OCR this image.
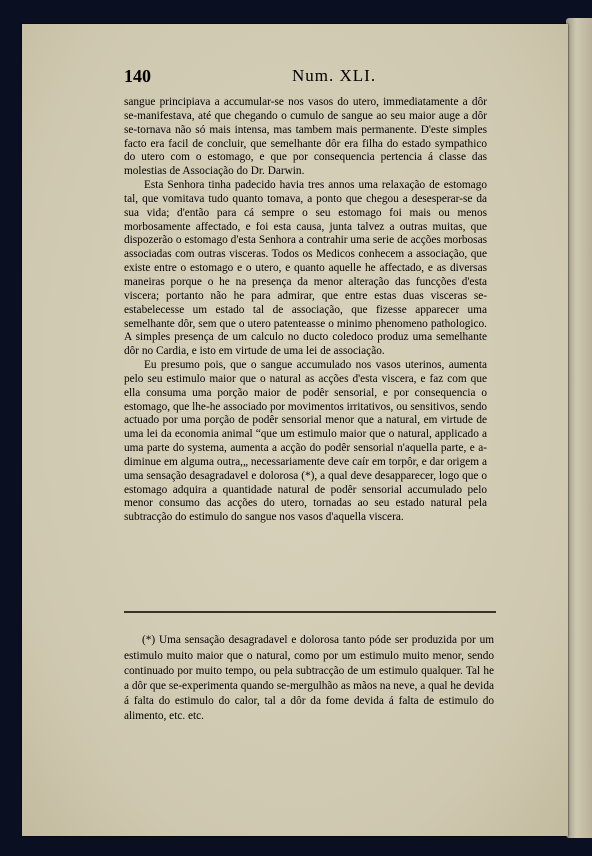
140	Num. XLI.

sangue principiava a accumular-se nos vasos do utero, immediatamente a dôr se-manifestava, até que chegando o cumulo de sangue ao seu maior auge a dôr se-tornava não só mais intensa, mas tambem mais permanente. D'este simples facto era facil de concluir, que semelhante dôr era filha do estado sympathico do utero com o estomago, e que por consequencia pertencia á classe das molestias de Associação do Dr. Darwin.

Esta Senhora tinha padecido havia tres annos uma relaxação de estomago tal, que vomitava tudo quanto tomava, a ponto que chegou a desesperar-se da sua vida; d'então para cá sempre o seu estomago foi mais ou menos morbosamente affectado, e foi esta causa, junta talvez a outras muitas, que dispozerão o estomago d'esta Senhora a contrahir uma serie de acções morbosas associadas com outras visceras. Todos os Medicos conhecem a associação, que existe entre o estomago e o utero, e quanto aquelle he affectado, e as diversas maneiras porque o he na presença da menor alteração das funcções d'esta viscera; portanto não he para admirar, que entre estas duas visceras se-estabelecesse um estado tal de associação, que fizesse apparecer uma semelhante dôr, sem que o utero patenteasse o minimo phenomeno pathologico. A simples presença de um calculo no ducto coledoco produz uma semelhante dôr no Cardia, e isto em virtude de uma lei de associação.

Eu presumo pois, que o sangue accumulado nos vasos uterinos, aumenta pelo seu estimulo maior que o natural as acções d'esta viscera, e faz com que ella consuma uma porção maior de podêr sensorial, e por consequencia o estomago, que lhe-he associado por movimentos irritativos, ou sensitivos, sendo actuado por uma porção de podêr sensorial menor que a natural, em virtude de uma lei da economia animal “que um estimulo maior que o natural, applicado a uma parte do systema, aumenta a acção do podêr sensorial n'aquella parte, e a-diminue em alguma outra,„ necessariamente deve caír em torpôr, e dar origem a uma sensação desagradavel e dolorosa (*), a qual deve desapparecer, logo que o estomago adquira a quantidade natural de podêr sensorial accumulado pelo menor consumo das acções do utero, tornadas ao seu estado natural pela subtracção do estimulo do sangue nos vasos d'aquella viscera.

(*) Uma sensação desagradavel e dolorosa tanto póde ser produzida por um estimulo muito maior que o natural, como por um estimulo muito menor, sendo continuado por muito tempo, ou pela subtracção de um estimulo qualquer. Tal he a dôr que se-experimenta quando se-mergulhão as mãos na neve, a qual he devida á falta do estimulo do calor, tal a dôr da fome devida á falta de estimulo do alimento, etc. etc.
